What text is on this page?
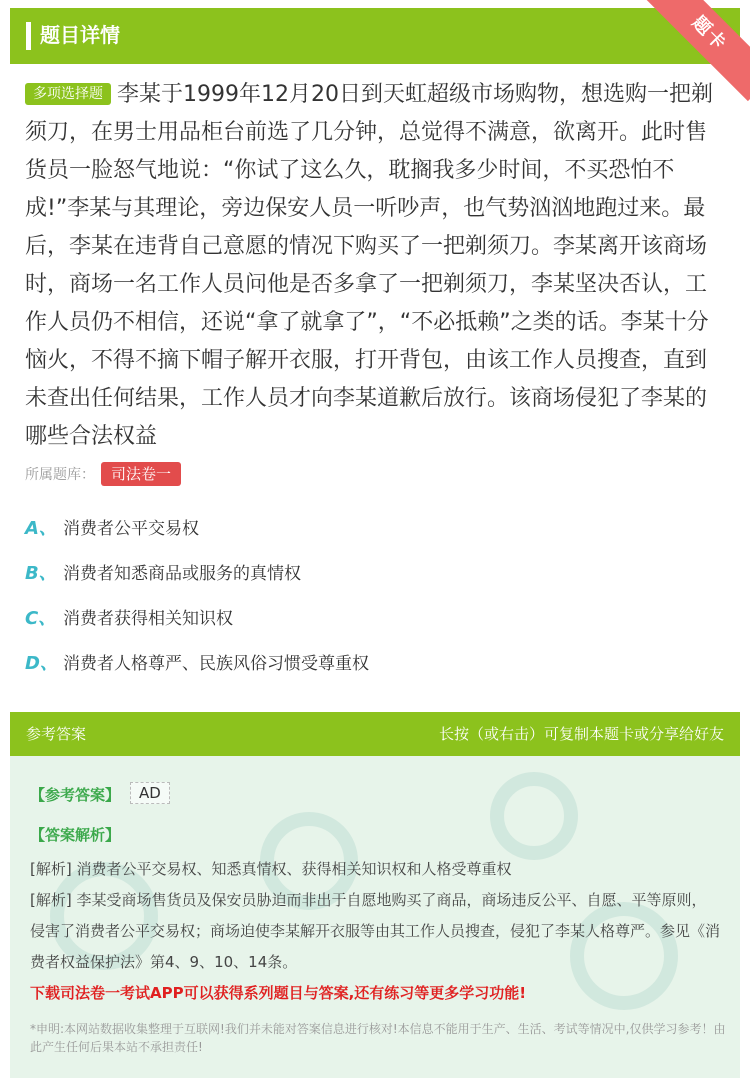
题目详情	题卡
多项选择题 李某于1999年12月20日到天虹超级市场购物，想选购一把剃须刀，在男士用品柜台前选了几分钟，总觉得不满意，欲离开。此时售货员一脸怒气地说：“你试了这么久，耽搁我多少时间，不买恐怕不成!”李某与其理论，旁边保安人员一听吵声，也气势汹汹地跑过来。最后，李某在违背自己意愿的情况下购买了一把剃须刀。李某离开该商场时，商场一名工作人员问他是否多拿了一把剃须刀，李某坚决否认，工作人员仍不相信，还说“拿了就拿了”，“不必抵赖”之类的话。李某十分恼火，不得不摘下帽子解开衣服，打开背包，由该工作人员搜查，直到未查出任何结果，工作人员才向李某道歉后放行。该商场侵犯了李某的哪些合法权益
所属题库： 司法卷一
A、 消费者公平交易权
B、 消费者知悉商品或服务的真情权
C、 消费者获得相关知识权
D、 消费者人格尊严、民族风俗习惯受尊重权
参考答案	长按（或右击）可复制本题卡或分享给好友
【参考答案】	AD
【答案解析】
[解析] 消费者公平交易权、知悉真情权、获得相关知识权和人格受尊重权
[解析] 李某受商场售货员及保安员胁迫而非出于自愿地购买了商品，商场违反公平、自愿、平等原则，侵害了消费者公平交易权；商场迫使李某解开衣服等由其工作人员搜查，侵犯了李某人格尊严。参见《消费者权益保护法》第4、9、10、14条。
下载司法卷一考试APP可以获得系列题目与答案,还有练习等更多学习功能!
*申明:本网站数据收集整理于互联网!我们并未能对答案信息进行核对!本信息不能用于生产、生活、考试等情况中,仅供学习参考！由此产生任何后果本站不承担责任!
